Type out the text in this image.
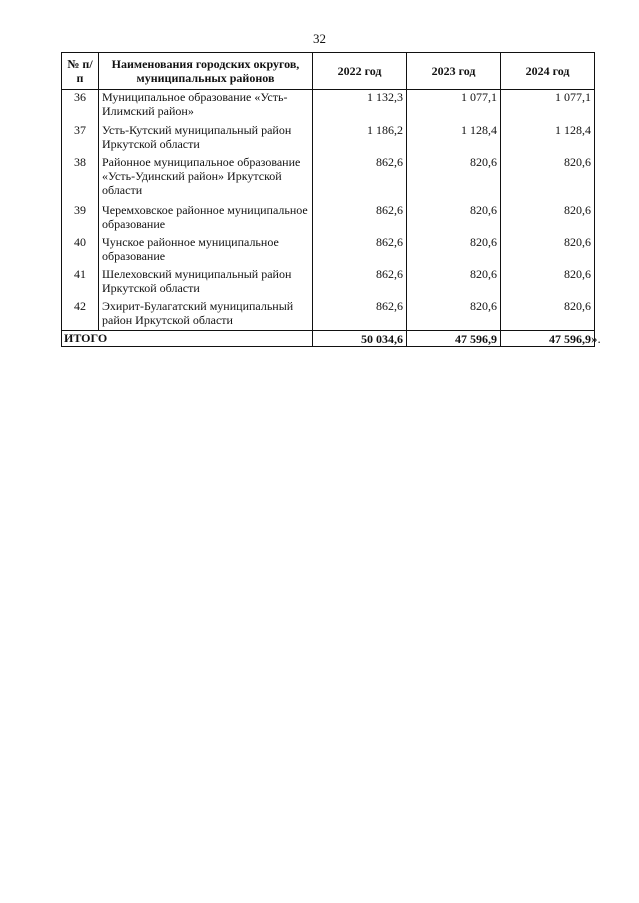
32
№ п/п	Наименования городских округов, муниципальных районов	2022 год	2023 год	2024 год
36	Муниципальное образование «Усть-Илимский район»	1 132,3	1 077,1	1 077,1
37	Усть-Кутский муниципальный район Иркутской области	1 186,2	1 128,4	1 128,4
38	Районное муниципальное образование «Усть-Удинский район» Иркутской области	862,6	820,6	820,6
39	Черемховское районное муниципальное образование	862,6	820,6	820,6
40	Чунское районное муниципальное образование	862,6	820,6	820,6
41	Шелеховский муниципальный район Иркутской области	862,6	820,6	820,6
42	Эхирит-Булагатский муниципальный район Иркутской области	862,6	820,6	820,6
ИТОГО		50 034,6	47 596,9	47 596,9 ».
